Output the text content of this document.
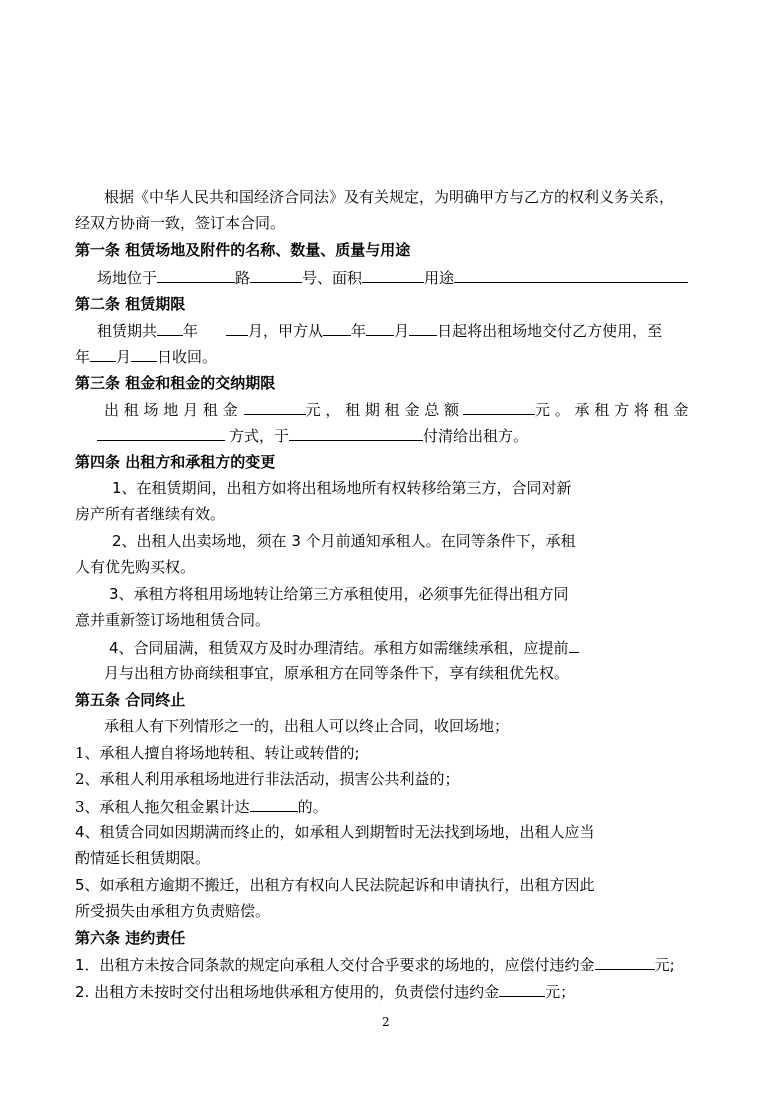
根据《中华人民共和国经济合同法》及有关规定，为明确甲方与乙方的权利义务关系，
经双方协商一致，签订本合同。
第一条 租赁场地及附件的名称、数量、质量与用途
场地位于	路	号、面积	用途
第二条 租赁期限
租赁期共 年	月，甲方从 年 月 日起将出租场地交付乙方使用，至
年 月 日收回。
第三条 租金和租金的交纳期限
出 租 场 地 月 租 金	元 ， 租 期 租 金 总 额	元 。 承 租 方 将 租 金
方式，于	付清给出租方。
第四条 出租方和承租方的变更
1、在租赁期间，出租方如将出租场地所有权转移给第三方，合同对新
房产所有者继续有效。
2、出租人出卖场地，须在 3 个月前通知承租人。在同等条件下，承租
人有优先购买权。
3、承租方将租用场地转让给第三方承租使用，必须事先征得出租方同
意并重新签订场地租赁合同。
4、合同届满，租赁双方及时办理清结。承租方如需继续承租，应提前
月与出租方协商续租事宜，原承租方在同等条件下，享有续租优先权。
第五条 合同终止
承租人有下列情形之一的，出租人可以终止合同，收回场地；
1、承租人擅自将场地转租、转让或转借的;
2、承租人利用承租场地进行非法活动，损害公共利益的；
3、承租人拖欠租金累计达	的。
4、租赁合同如因期满而终止的，如承租人到期暂时无法找到场地，出租人应当
酌情延长租赁期限。
5、如承租方逾期不搬迁，出租方有权向人民法院起诉和申请执行，出租方因此
所受损失由承租方负责赔偿。
第六条 违约责任
1．出租方未按合同条款的规定向承租人交付合乎要求的场地的，应偿付违约金	元;
2. 出租方未按时交付出租场地供承租方使用的，负责偿付违约金	元；
2
